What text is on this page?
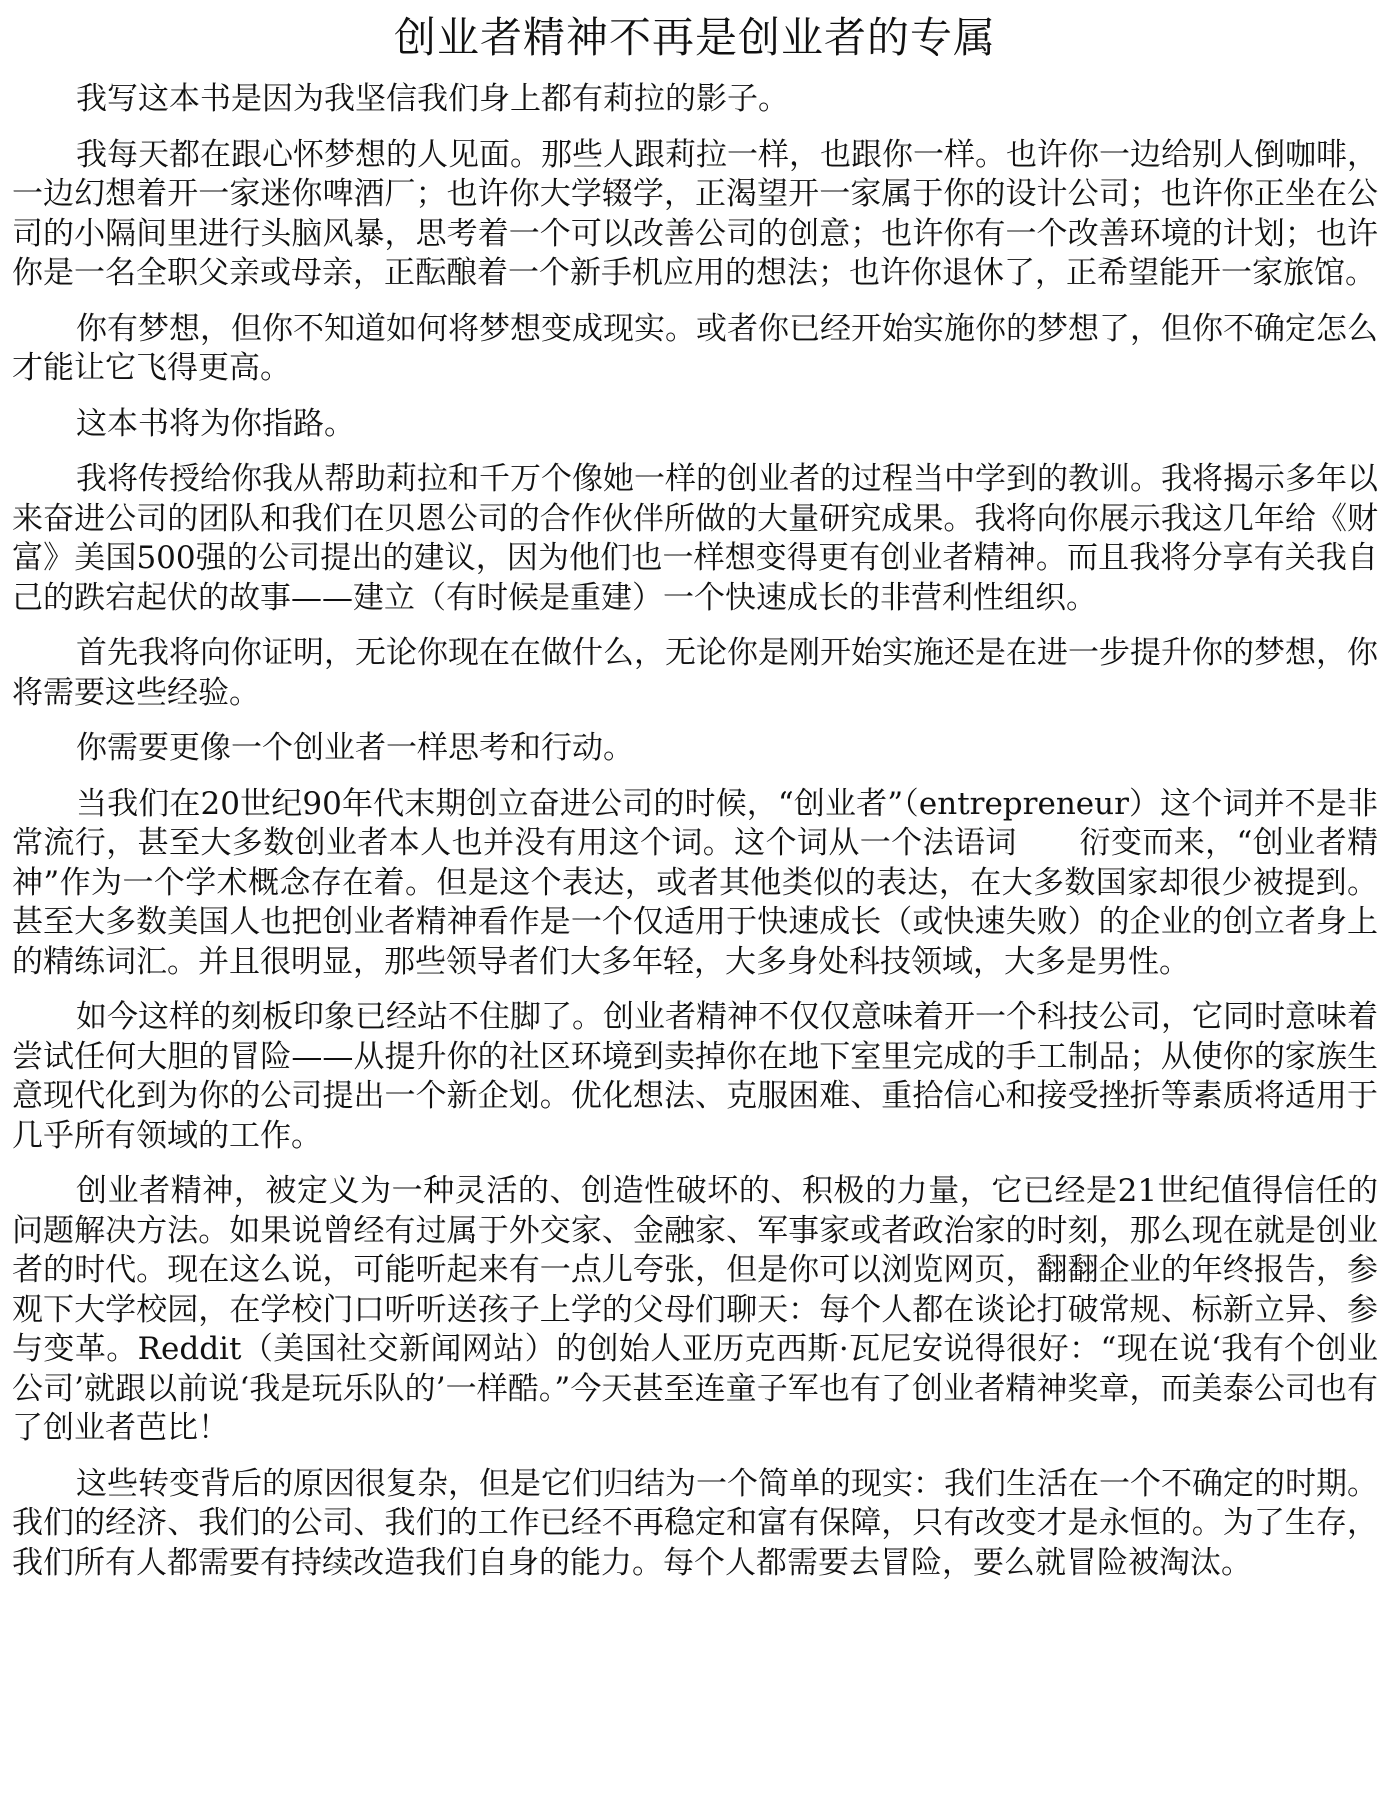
创业者精神不再是创业者的专属

我写这本书是因为我坚信我们身上都有莉拉的影子。

我每天都在跟心怀梦想的人见面。那些人跟莉拉一样，也跟你一样。也许你一边给别人倒咖啡，一边幻想着开一家迷你啤酒厂；也许你大学辍学，正渴望开一家属于你的设计公司；也许你正坐在公司的小隔间里进行头脑风暴，思考着一个可以改善公司的创意；也许你有一个改善环境的计划；也许你是一名全职父亲或母亲，正酝酿着一个新手机应用的想法；也许你退休了，正希望能开一家旅馆。

你有梦想，但你不知道如何将梦想变成现实。或者你已经开始实施你的梦想了，但你不确定怎么才能让它飞得更高。

这本书将为你指路。

我将传授给你我从帮助莉拉和千万个像她一样的创业者的过程当中学到的教训。我将揭示多年以来奋进公司的团队和我们在贝恩公司的合作伙伴所做的大量研究成果。我将向你展示我这几年给《财富》美国500强的公司提出的建议，因为他们也一样想变得更有创业者精神。而且我将分享有关我自己的跌宕起伏的故事——建立（有时候是重建）一个快速成长的非营利性组织。

首先我将向你证明，无论你现在在做什么，无论你是刚开始实施还是在进一步提升你的梦想，你将需要这些经验。

你需要更像一个创业者一样思考和行动。

当我们在20世纪90年代末期创立奋进公司的时候，“创业者”（entrepreneur）这个词并不是非常流行，甚至大多数创业者本人也并没有用这个词。这个词从一个法语词　　衍变而来，“创业者精神”作为一个学术概念存在着。但是这个表达，或者其他类似的表达，在大多数国家却很少被提到。甚至大多数美国人也把创业者精神看作是一个仅适用于快速成长（或快速失败）的企业的创立者身上的精练词汇。并且很明显，那些领导者们大多年轻，大多身处科技领域，大多是男性。

如今这样的刻板印象已经站不住脚了。创业者精神不仅仅意味着开一个科技公司，它同时意味着尝试任何大胆的冒险——从提升你的社区环境到卖掉你在地下室里完成的手工制品；从使你的家族生意现代化到为你的公司提出一个新企划。优化想法、克服困难、重拾信心和接受挫折等素质将适用于几乎所有领域的工作。

创业者精神，被定义为一种灵活的、创造性破坏的、积极的力量，它已经是21世纪值得信任的问题解决方法。如果说曾经有过属于外交家、金融家、军事家或者政治家的时刻，那么现在就是创业者的时代。现在这么说，可能听起来有一点儿夸张，但是你可以浏览网页，翻翻企业的年终报告，参观下大学校园，在学校门口听听送孩子上学的父母们聊天：每个人都在谈论打破常规、标新立异、参与变革。Reddit（美国社交新闻网站）的创始人亚历克西斯·瓦尼安说得很好：“现在说‘我有个创业公司’就跟以前说‘我是玩乐队的’一样酷。”今天甚至连童子军也有了创业者精神奖章，而美泰公司也有了创业者芭比！

这些转变背后的原因很复杂，但是它们归结为一个简单的现实：我们生活在一个不确定的时期。我们的经济、我们的公司、我们的工作已经不再稳定和富有保障，只有改变才是永恒的。为了生存，我们所有人都需要有持续改造我们自身的能力。每个人都需要去冒险，要么就冒险被淘汰。
